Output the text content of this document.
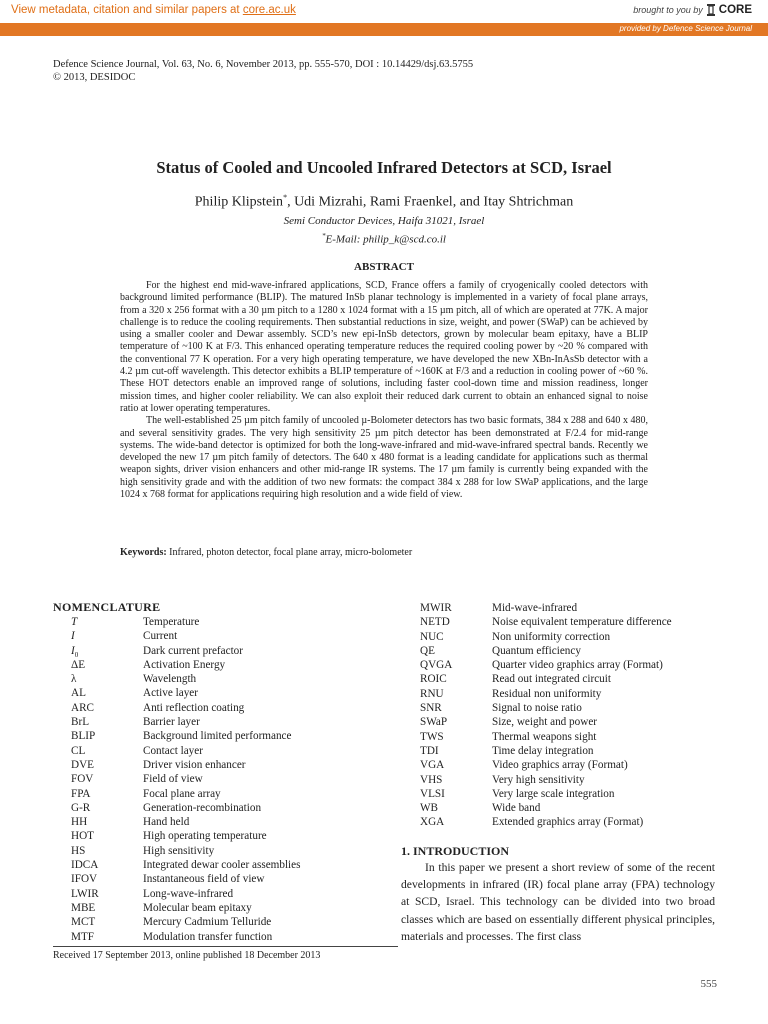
View metadata, citation and similar papers at core.ac.uk	brought to you by CORE
provided by Defence Science Journal
Defence Science Journal, Vol. 63, No. 6, November 2013, pp. 555-570, DOI : 10.14429/dsj.63.5755
© 2013, DESIDOC
Status of Cooled and Uncooled Infrared Detectors at SCD, Israel
Philip Klipstein*, Udi Mizrahi, Rami Fraenkel, and Itay Shtrichman
Semi Conductor Devices, Haifa 31021, Israel
*E-Mail: philip_k@scd.co.il
ABSTRACT

For the highest end mid-wave-infrared applications, SCD, France offers a family of cryogenically cooled detectors with background limited performance (BLIP). The matured InSb planar technology is implemented in a variety of focal plane arrays, from a 320 x 256 format with a 30 µm pitch to a 1280 x 1024 format with a 15 µm pitch, all of which are operated at 77K. A major challenge is to reduce the cooling requirements. Then substantial reductions in size, weight, and power (SWaP) can be achieved by using a smaller cooler and Dewar assembly. SCD’s new epi-InSb detectors, grown by molecular beam epitaxy, have a BLIP temperature of ~100 K at F/3. This enhanced operating temperature reduces the required cooling power by ~20 % compared with the conventional 77 K operation. For a very high operating temperature, we have developed the new XBn-InAsSb detector with a 4.2 µm cut-off wavelength. This detector exhibits a BLIP temperature of ~160K at F/3 and a reduction in cooling power of ~60 %. These HOT detectors enable an improved range of solutions, including faster cool-down time and mission readiness, longer mission times, and higher cooler reliability. We can also exploit their reduced dark current to obtain an enhanced signal to noise ratio at lower operating temperatures.

The well-established 25 µm pitch family of uncooled µ-Bolometer detectors has two basic formats, 384 x 288 and 640 x 480, and several sensitivity grades. The very high sensitivity 25 µm pitch detector has been demonstrated at F/2.4 for mid-range systems. The wide-band detector is optimized for both the long-wave-infrared and mid-wave-infrared spectral bands. Recently we developed the new 17 µm pitch family of detectors. The 640 x 480 format is a leading candidate for applications such as thermal weapon sights, driver vision enhancers and other mid-range IR systems. The 17 µm family is currently being expanded with the high sensitivity grade and with the addition of two new formats: the compact 384 x 288 for low SWaP applications, and the large 1024 x 768 format for applications requiring high resolution and a wide field of view.

Keywords: Infrared, photon detector, focal plane array, micro-bolometer
NOMENCLATURE
T	Temperature
I	Current
$I_0$	Dark current prefactor
ΔE	Activation Energy
λ	Wavelength
AL	Active layer
ARC	Anti reflection coating
BrL	Barrier layer
BLIP	Background limited performance
CL	Contact layer
DVE	Driver vision enhancer
FOV	Field of view
FPA	Focal plane array
G-R	Generation-recombination
HH	Hand held
HOT	High operating temperature
HS	High sensitivity
IDCA	Integrated dewar cooler assemblies
IFOV	Instantaneous field of view
LWIR	Long-wave-infrared
MBE	Molecular beam epitaxy
MCT	Mercury Cadmium Telluride
MTF	Modulation transfer function
MWIR	Mid-wave-infrared
NETD	Noise equivalent temperature difference
NUC	Non uniformity correction
QE	Quantum efficiency
QVGA	Quarter video graphics array (Format)
ROIC	Read out integrated circuit
RNU	Residual non uniformity
SNR	Signal to noise ratio
SWaP	Size, weight and power
TWS	Thermal weapons sight
TDI	Time delay integration
VGA	Video graphics array (Format)
VHS	Very high sensitivity
VLSI	Very large scale integration
WB	Wide band
XGA	Extended graphics array (Format)
Received 17 September 2013, online published 18 December 2013
1. INTRODUCTION

In this paper we present a short review of some of the recent developments in infrared (IR) focal plane array (FPA) technology at SCD, Israel. This technology can be divided into two broad classes which are based on essentially different physical principles, materials and processes. The first class

555
